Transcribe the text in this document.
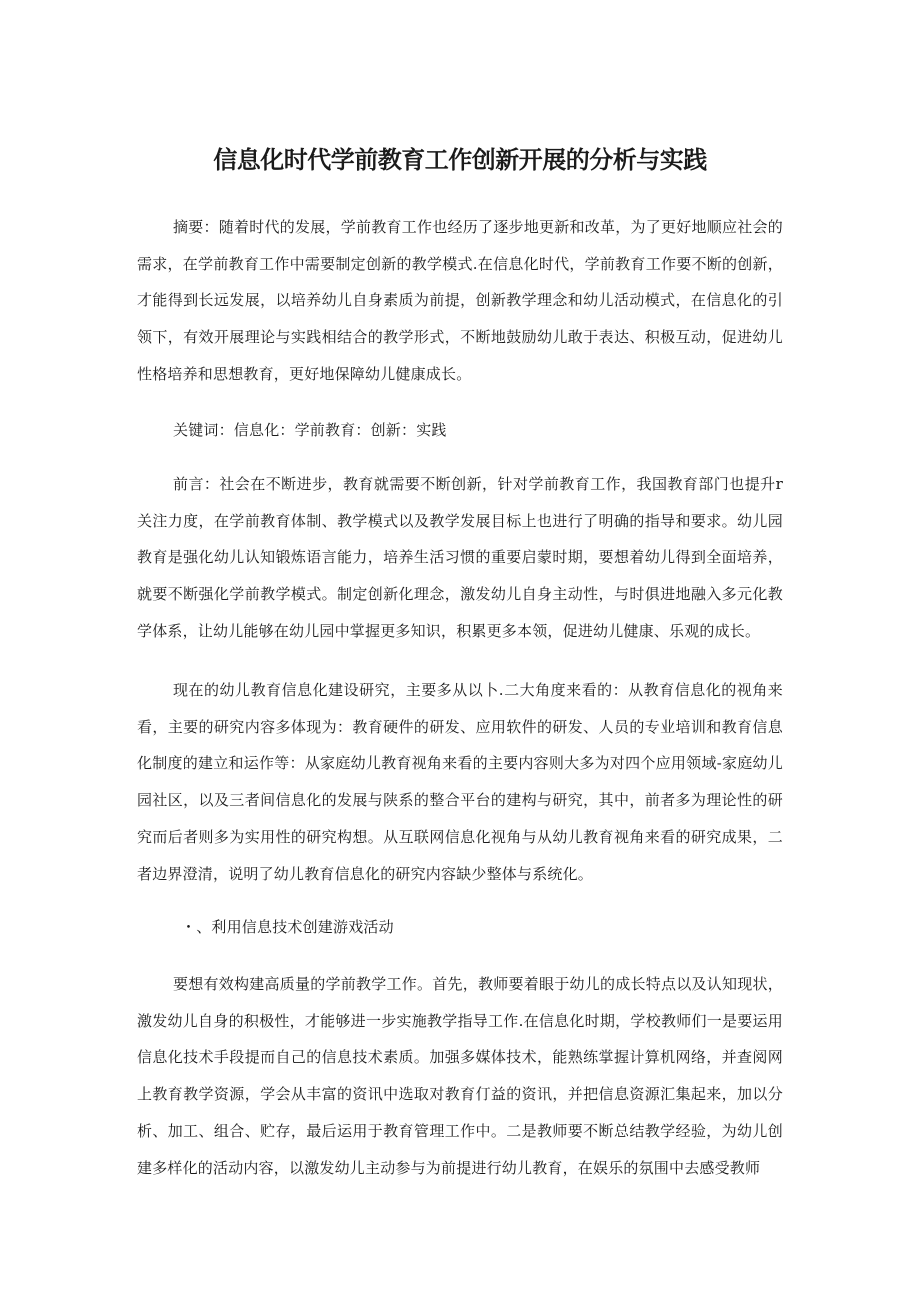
信息化时代学前教育工作创新开展的分析与实践

摘要：随着时代的发展，学前教育工作也经历了逐步地更新和改革，为了更好地顺应社会的需求，在学前教育工作中需要制定创新的教学模式.在信息化时代，学前教育工作要不断的创新，才能得到长远发展，以培养幼儿自身素质为前提，创新教学理念和幼儿活动模式，在信息化的引领下，有效开展理论与实践相结合的教学形式，不断地鼓励幼儿敢于表达、积极互动，促进幼儿性格培养和思想教育，更好地保障幼儿健康成长。

关键词：信息化：学前教育：创新：实践

前言：社会在不断进步，教育就需要不断创新，针对学前教育工作，我国教育部门也提升r关注力度，在学前教育体制、教学模式以及教学发展目标上也进行了明确的指导和要求。幼儿园教育是强化幼儿认知锻炼语言能力，培养生活习惯的重要启蒙时期，要想着幼儿得到全面培养，就要不断强化学前教学模式。制定创新化理念，激发幼儿自身主动性，与时俱进地融入多元化教学体系，让幼儿能够在幼儿园中掌握更多知识，积累更多本领，促进幼儿健康、乐观的成长。

现在的幼儿教育信息化建设研究，主要多从以卜.二大角度来看的：从教育信息化的视角来看，主要的研究内容多体现为：教育硬件的研发、应用软件的研发、人员的专业培训和教育信息化制度的建立和运作等：从家庭幼儿教育视角来看的主要内容则大多为对四个应用领域-家庭幼儿园社区，以及三者间信息化的发展与陕系的整合平台的建构与研究，其中，前者多为理论性的研究而后者则多为实用性的研究构想。从互联网信息化视角与从幼儿教育视角来看的研究成果，二者边界澄清，说明了幼儿教育信息化的研究内容缺少整体与系统化。

・、利用信息技术创建游戏活动

要想有效构建高质量的学前教学工作。首先，教师要着眼于幼儿的成长特点以及认知现状，激发幼儿自身的积极性，才能够进一步实施教学指导工作.在信息化时期，学校教师们一是要运用信息化技术手段提而自己的信息技术素质。加强多媒体技术，能熟练掌握计算机网络，并查阅网上教育教学资源，学会从丰富的资讯中选取对教育仃益的资讯，并把信息资源汇集起来，加以分析、加工、组合、贮存，最后运用于教育管理工作中。二是教师要不断总结教学经验，为幼儿创建多样化的活动内容，以激发幼儿主动参与为前提进行幼儿教育，在娱乐的氛围中去感受教师
